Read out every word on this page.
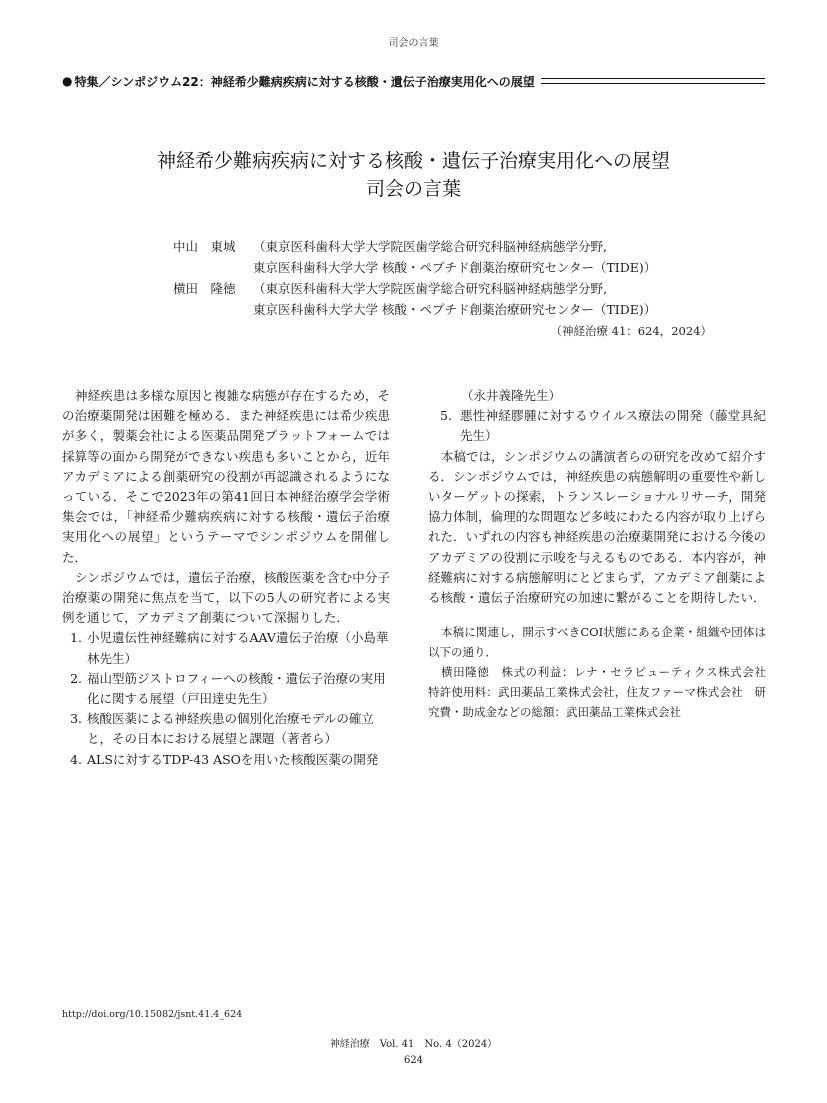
司会の言葉
● 特集／シンポジウム22：神経希少難病疾病に対する核酸・遺伝子治療実用化への展望
神経希少難病疾病に対する核酸・遺伝子治療実用化への展望
司会の言葉
中山　東城	（東京医科歯科大学大学院医歯学総合研究科脳神経病態学分野,
東京医科歯科大学大学 核酸・ペプチド創薬治療研究センター（TIDE)）
横田　隆徳	（東京医科歯科大学大学院医歯学総合研究科脳神経病態学分野,
東京医科歯科大学大学 核酸・ペプチド創薬治療研究センター（TIDE)）
（神経治療 41：624，2024）

神経疾患は多様な原因と複雑な病態が存在するため，その治療薬開発は困難を極める．また神経疾患には希少疾患が多く，製薬会社による医薬品開発プラットフォームでは採算等の面から開発ができない疾患も多いことから，近年アカデミアによる創薬研究の役割が再認識されるようになっている．そこで2023年の第41回日本神経治療学会学術集会では，「神経希少難病疾病に対する核酸・遺伝子治療実用化への展望」というテーマでシンポジウムを開催した．

シンポジウムでは，遺伝子治療，核酸医薬を含む中分子治療薬の開発に焦点を当て，以下の5人の研究者による実例を通じて，アカデミア創薬について深掘りした．

1. 小児遺伝性神経難病に対するAAV遺伝子治療（小島華林先生）
2. 福山型筋ジストロフィーへの核酸・遺伝子治療の実用化に関する展望（戸田達史先生）
3. 核酸医薬による神経疾患の個別化治療モデルの確立と，その日本における展望と課題（著者ら）
4. ALSに対するTDP-43 ASOを用いた核酸医薬の開発
（永井義隆先生）
5. 悪性神経膠腫に対するウイルス療法の開発（藤堂具紀先生）

本稿では，シンポジウムの講演者らの研究を改めて紹介する．シンポジウムでは，神経疾患の病態解明の重要性や新しいターゲットの探索，トランスレーショナルリサーチ，開発協力体制，倫理的な問題など多岐にわたる内容が取り上げられた．いずれの内容も神経疾患の治療薬開発における今後のアカデミアの役割に示唆を与えるものである．本内容が，神経難病に対する病態解明にとどまらず，アカデミア創薬による核酸・遺伝子治療研究の加速に繋がることを期待したい．

本稿に関連し，開示すべきCOI状態にある企業・組織や団体は以下の通り．

横田隆徳　株式の利益：レナ・セラピューティクス株式会社　特許使用料：武田薬品工業株式会社，住友ファーマ株式会社　研究費・助成金などの総額：武田薬品工業株式会社

http://doi.org/10.15082/jsnt.41.4_624
神経治療　Vol. 41　No. 4（2024）
624
